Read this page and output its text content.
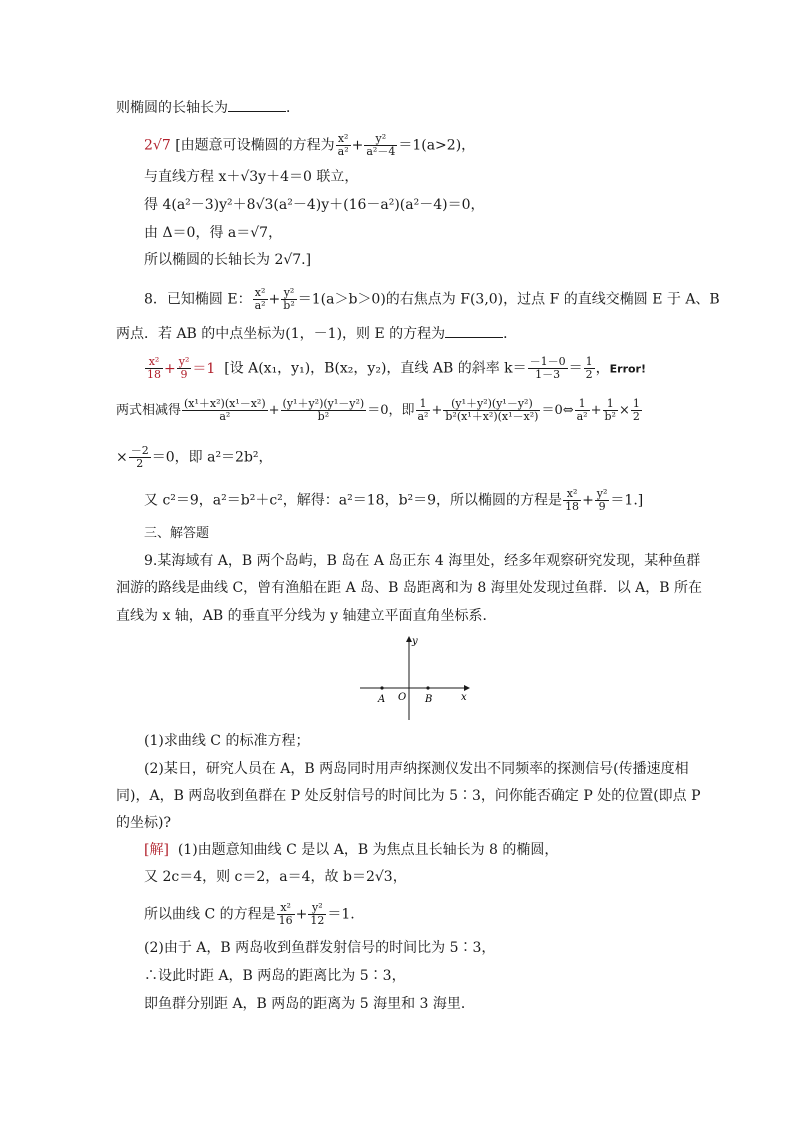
则椭圆的长轴长为	．
2√7 [由题意可设椭圆的方程为 $\frac{\text{x²}}{\text{a²}} + \frac{\text{y²}}{\text{a²－4}} =1(a>2)$，
与直线方程 x＋√3y＋4＝0 联立，
得 4(a²－3)y²＋8√3(a²－4)y＋(16－a²)(a²－4)＝0，
由 Δ＝0，得 a＝√7，
所以椭圆的长轴长为 2√7.]
8．已知椭圆 E： $\frac{\text{x²}}{\text{a²}} + \frac{\text{y²}}{\text{b²}} =1(a>b>0)$的右焦点为 F(3,0)，过点 F 的直线交椭圆 E 于 A、B
两点．若 AB 的中点坐标为(1，－1)，则 E 的方程为	．
$\frac{\text{x²}}{18} + \frac{\text{y²}}{9} =1$ [设 A(x₁，y₁)，B(x₂，y₂)，直线 AB 的斜率 $k= \frac{-1-0}{1-3} = \frac{1}{2}$ ，Error!
两式相减得 $\frac{\text{(x¹＋x²)(x¹－x²)}}{\text{a²}} + \frac{\text{(y¹＋y²)(y¹－y²)}}{\text{b²}} =0$，即 $\frac{1}{\text{a²}} + \frac{\text{(y¹＋y²)(y¹－y²)}}{\text{b²(x¹＋x²)(x¹－x²)}}$ ＝0⇔ $\frac{1}{\text{a²}} + \frac{1}{\text{b²}} \times \frac{1}{2}$
× $\frac{-2}{2} =0$，即 a²＝2b²，
又 c²＝9，a²＝b²＋c²，解得：a²＝18，b²＝9，所以椭圆的方程是 $\frac{\text{x²}}{18} + \frac{\text{y²}}{9} =1$.]
三、解答题
9.某海域有 A，B 两个岛屿，B 岛在 A 岛正东 4 海里处，经多年观察研究发现，某种鱼群
洄游的路线是曲线 C，曾有渔船在距 A 岛、B 岛距离和为 8 海里处发现过鱼群．以 A，B 所在
直线为 x 轴，AB 的垂直平分线为 y 轴建立平面直角坐标系．
y
x
O
A	B
(1)求曲线 C 的标准方程；
(2)某日，研究人员在 A，B 两岛同时用声纳探测仪发出不同频率的探测信号(传播速度相
同)，A，B 两岛收到鱼群在 P 处反射信号的时间比为 5∶3，问你能否确定 P 处的位置(即点 P
的坐标)?
[解] (1)由题意知曲线 C 是以 A，B 为焦点且长轴长为 8 的椭圆，
又 2c＝4，则 c＝2，a＝4，故 b＝2√3，
所以曲线 C 的方程是 $\frac{\text{x²}}{16} + \frac{\text{y²}}{12} =1$.
(2)由于 A，B 两岛收到鱼群发射信号的时间比为 5∶3，
∴设此时距 A，B 两岛的距离比为 5∶3，
即鱼群分别距 A，B 两岛的距离为 5 海里和 3 海里．
